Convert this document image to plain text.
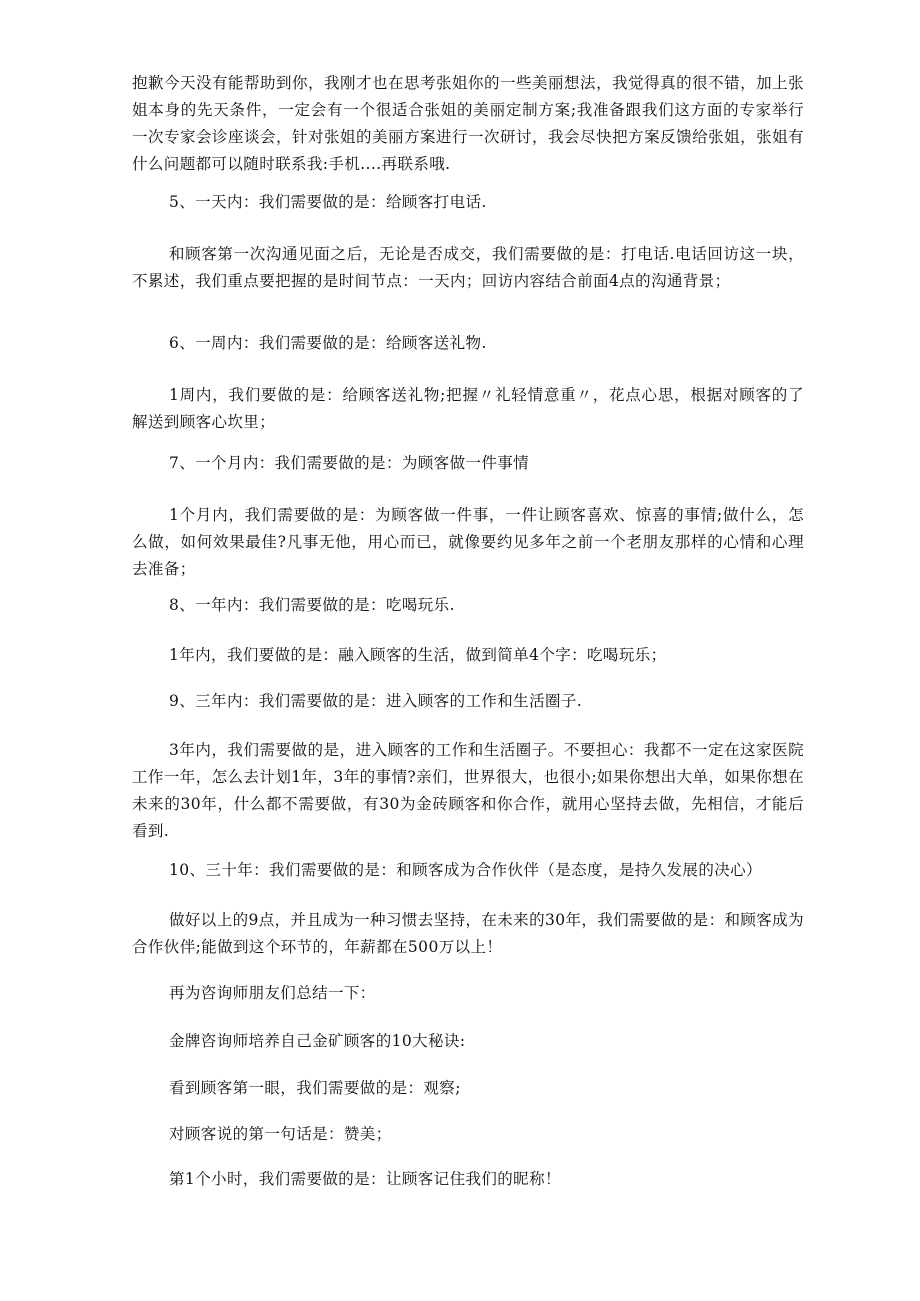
抱歉今天没有能帮助到你，我刚才也在思考张姐你的一些美丽想法，我觉得真的很不错，加上张姐本身的先天条件，一定会有一个很适合张姐的美丽定制方案;我准备跟我们这方面的专家举行一次专家会诊座谈会，针对张姐的美丽方案进行一次研讨，我会尽快把方案反馈给张姐，张姐有什么问题都可以随时联系我:手机....再联系哦.

5、一天内：我们需要做的是：给顾客打电话.

和顾客第一次沟通见面之后，无论是否成交，我们需要做的是：打电话.电话回访这一块，不累述，我们重点要把握的是时间节点：一天内；回访内容结合前面4点的沟通背景；

6、一周内：我们需要做的是：给顾客送礼物.

1周内，我们要做的是：给顾客送礼物;把握〃礼轻情意重〃，花点心思，根据对顾客的了解送到顾客心坎里；

7、一个月内：我们需要做的是：为顾客做一件事情

1个月内，我们需要做的是：为顾客做一件事，一件让顾客喜欢、惊喜的事情;做什么，怎么做，如何效果最佳?凡事无他，用心而已，就像要约见多年之前一个老朋友那样的心情和心理去准备；

8、一年内：我们需要做的是：吃喝玩乐.

1年内，我们要做的是：融入顾客的生活，做到简单4个字：吃喝玩乐；

9、三年内：我们需要做的是：进入顾客的工作和生活圈子.

3年内，我们需要做的是，进入顾客的工作和生活圈子。不要担心：我都不一定在这家医院工作一年，怎么去计划1年，3年的事情?亲们，世界很大，也很小;如果你想出大单，如果你想在未来的30年，什么都不需要做，有30为金砖顾客和你合作，就用心坚持去做，先相信，才能后看到.

10、三十年：我们需要做的是：和顾客成为合作伙伴（是态度，是持久发展的决心）

做好以上的9点，并且成为一种习惯去坚持，在未来的30年，我们需要做的是：和顾客成为合作伙伴;能做到这个环节的，年薪都在500万以上！

再为咨询师朋友们总结一下：

金牌咨询师培养自己金矿顾客的10大秘诀:

看到顾客第一眼，我们需要做的是：观察;

对顾客说的第一句话是：赞美；

第1个小时，我们需要做的是：让顾客记住我们的昵称！
